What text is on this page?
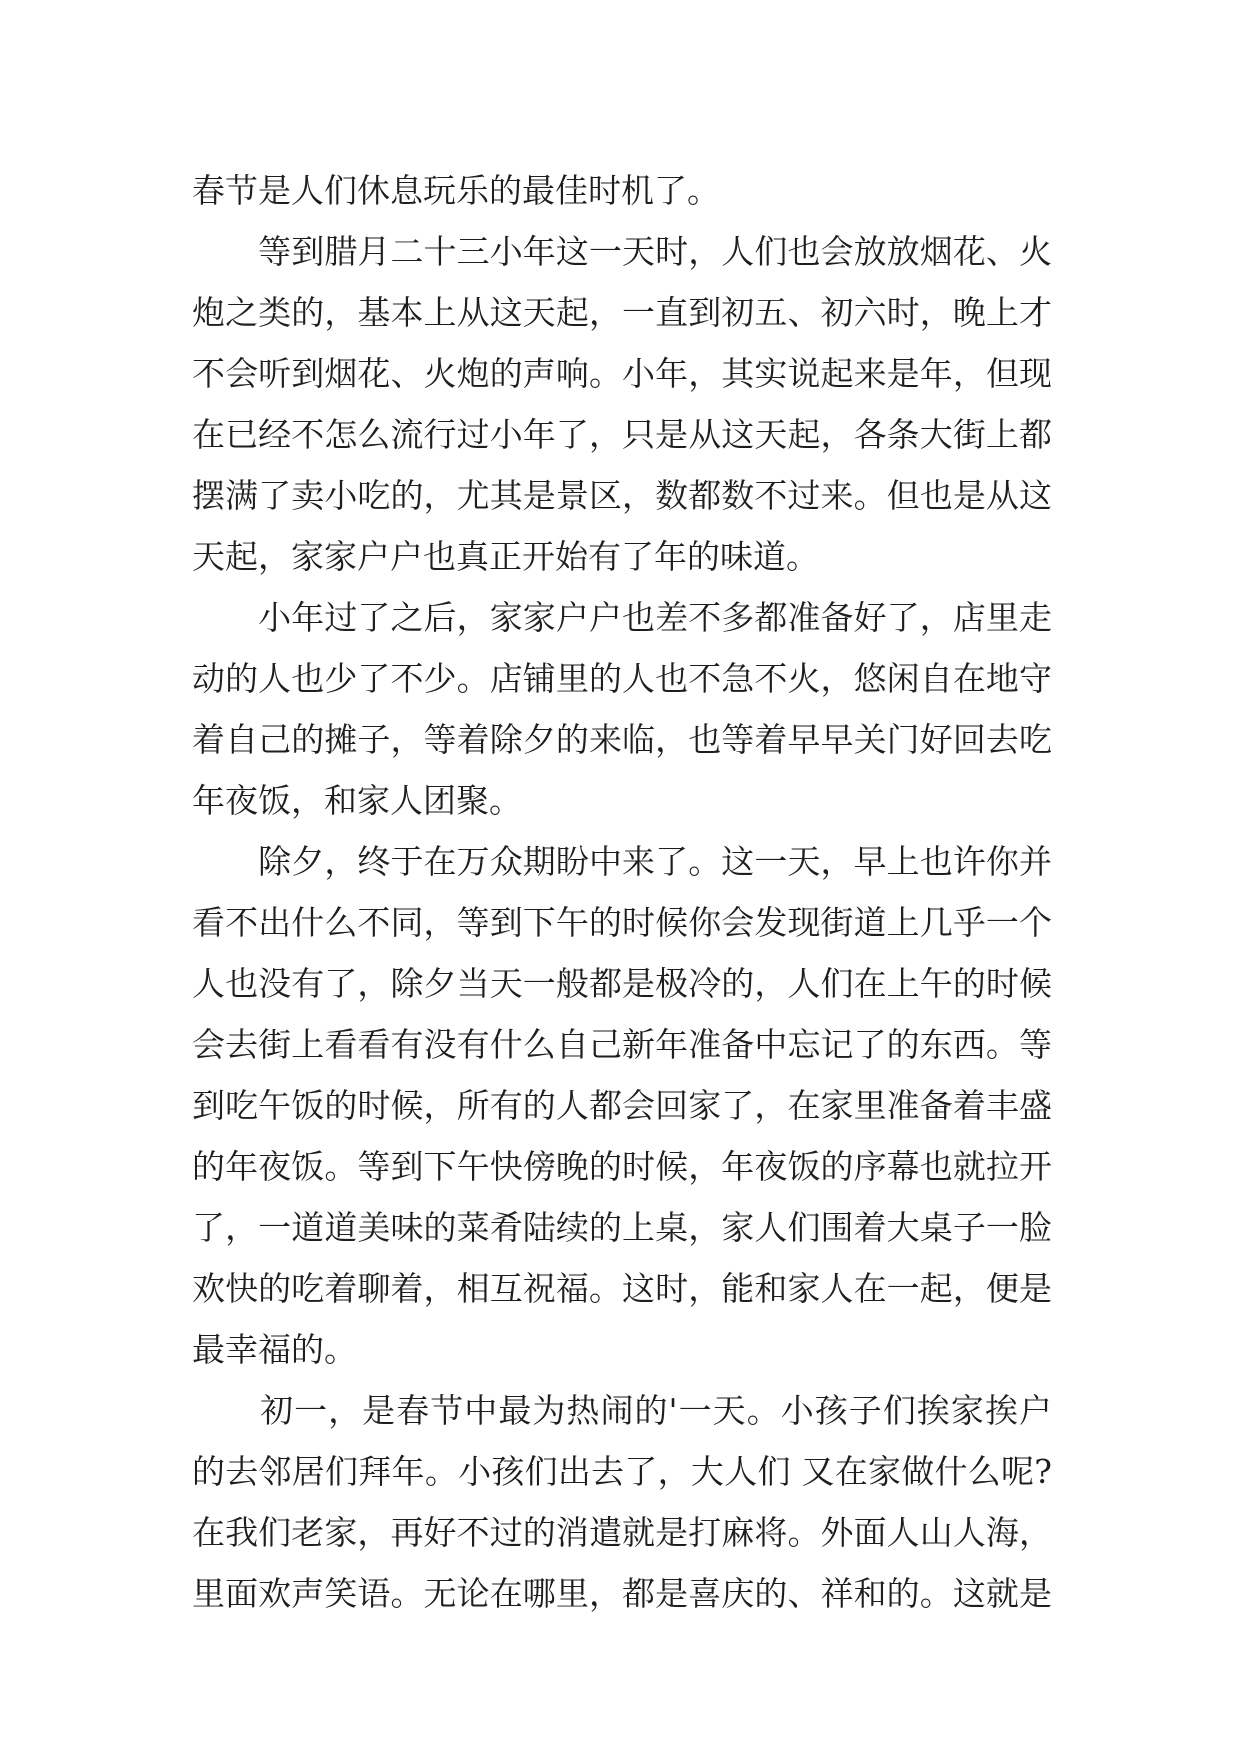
春节是人们休息玩乐的最佳时机了。
　　等到腊月二十三小年这一天时，人们也会放放烟花、火
炮之类的，基本上从这天起，一直到初五、初六时，晚上才
不会听到烟花、火炮的声响。小年，其实说起来是年，但现
在已经不怎么流行过小年了，只是从这天起，各条大街上都
摆满了卖小吃的，尤其是景区，数都数不过来。但也是从这
天起，家家户户也真正开始有了年的味道。
　　小年过了之后，家家户户也差不多都准备好了，店里走
动的人也少了不少。店铺里的人也不急不火，悠闲自在地守
着自己的摊子，等着除夕的来临，也等着早早关门好回去吃
年夜饭，和家人团聚。
　　除夕，终于在万众期盼中来了。这一天，早上也许你并
看不出什么不同，等到下午的时候你会发现街道上几乎一个
人也没有了，除夕当天一般都是极冷的，人们在上午的时候
会去街上看看有没有什么自己新年准备中忘记了的东西。等
到吃午饭的时候，所有的人都会回家了，在家里准备着丰盛
的年夜饭。等到下午快傍晚的时候，年夜饭的序幕也就拉开
了，一道道美味的菜肴陆续的上桌，家人们围着大桌子一脸
欢快的吃着聊着，相互祝福。这时，能和家人在一起，便是
最幸福的。
　　初一，是春节中最为热闹的'一天。小孩子们挨家挨户
的去邻居们拜年。小孩们出去了，大人们 又在家做什么呢?
在我们老家，再好不过的消遣就是打麻将。外面人山人海，
里面欢声笑语。无论在哪里，都是喜庆的、祥和的。这就是
